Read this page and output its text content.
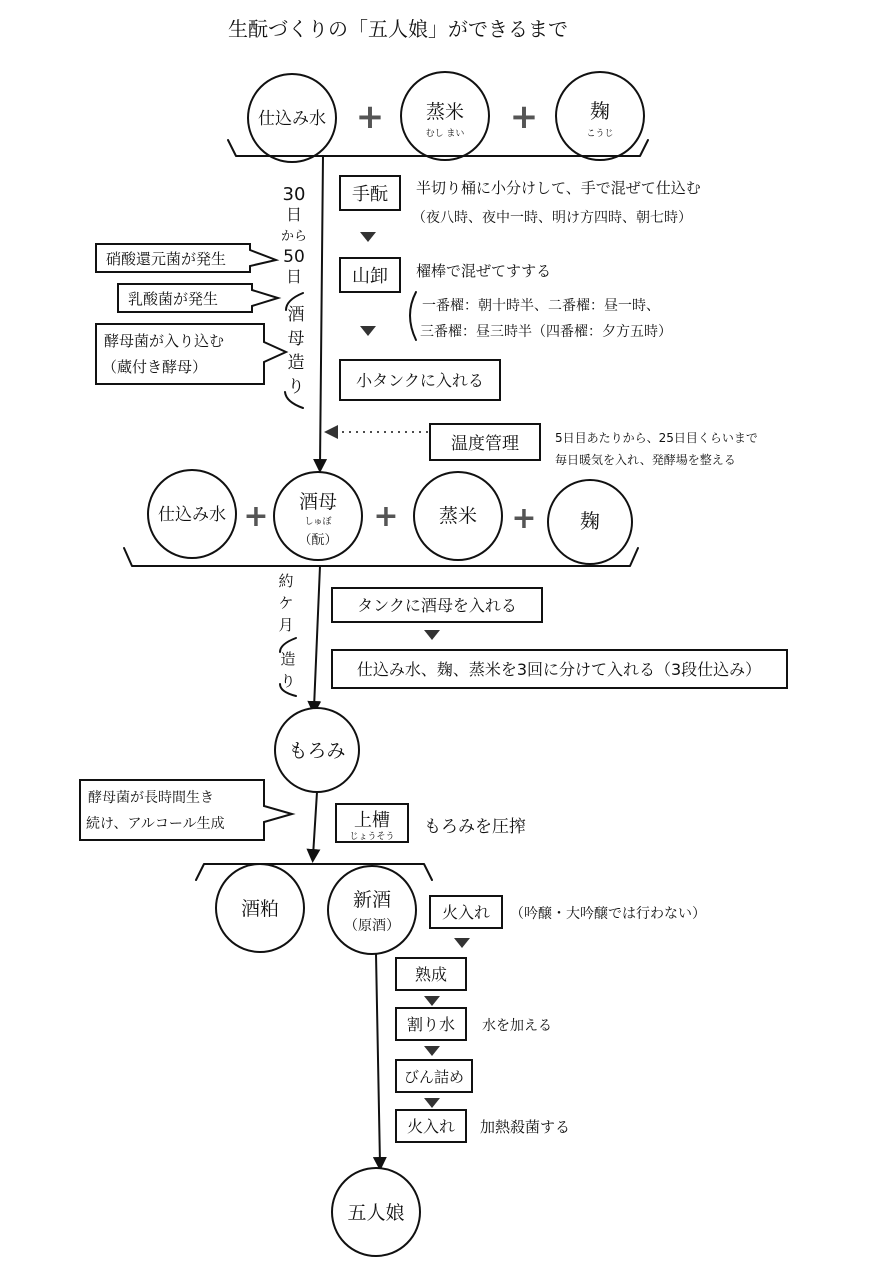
生酛づくりの「五人娘」ができるまで
仕込み水 + 蒸米
むし まい +	麹
こうじ
30
日
から
50
日
酒
母
造
り
硝酸還元菌が発生
乳酸菌が発生
酵母菌が入り込む
（蔵付き酵母）
手酛 半切り桶に小分けして、手で混ぜて仕込む
（夜八時、夜中一時、明け方四時、朝七時）
山卸 櫂棒で混ぜてすする
一番櫂：朝十時半、二番櫂：昼一時、
三番櫂：昼三時半（四番櫂：夕方五時）
小タンクに入れる
温度管理	5日目あたりから、25日目くらいまで
毎日暖気を入れ、発酵場を整える
仕込み水 + 酒母
しゅぼ
（酛）
+ 蒸米 + 麹
約
ケ
月
造
り
タンクに酒母を入れる
仕込み水、麹、蒸米を3回に分けて入れる（3段仕込み）
もろみ
酵母菌が長時間生き
続け、アルコール生成	上槽
じょうそう もろみを圧搾
酒粕	新酒
（原酒）
火入れ （吟醸・大吟醸では行わない）
熟成
割り水 水を加える
びん詰め
火入れ 加熱殺菌する
五人娘
